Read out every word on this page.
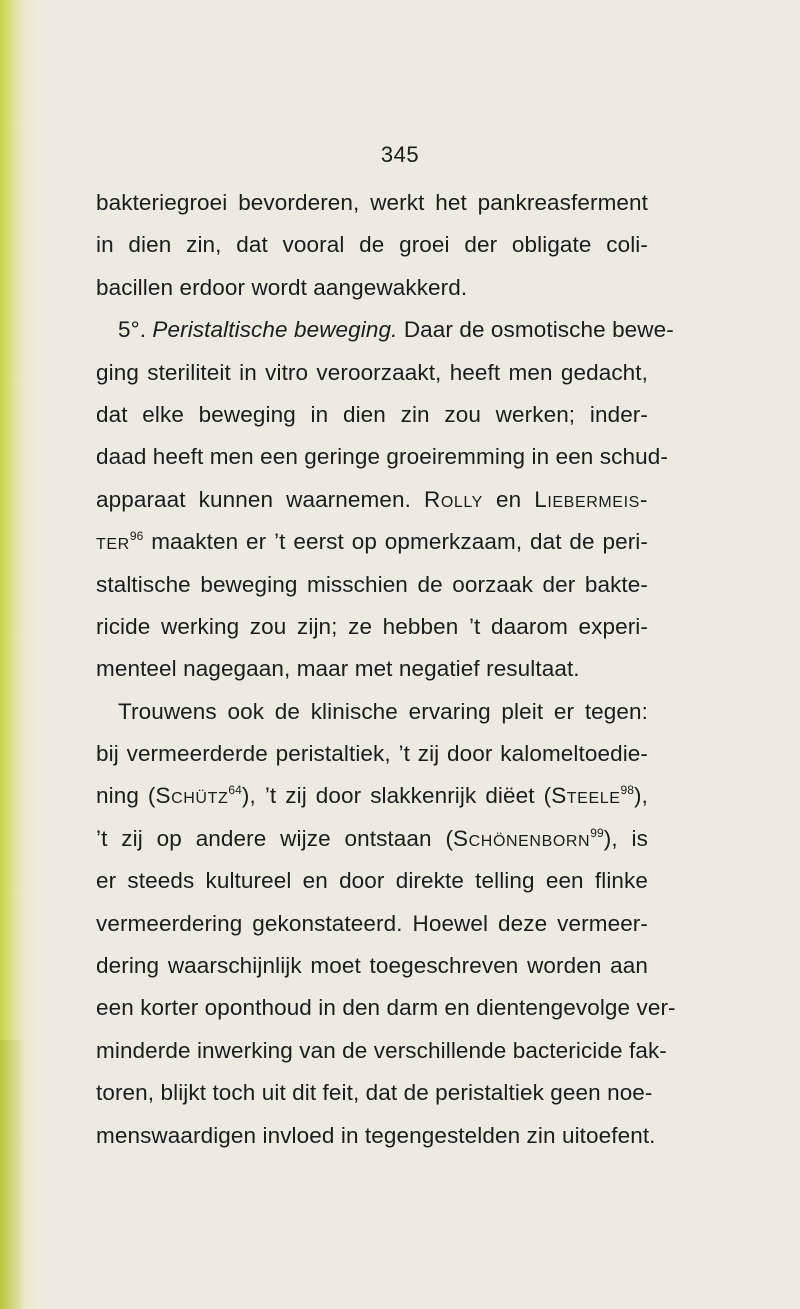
345
bakteriegroei bevorderen, werkt het pankreasferment
in dien zin, dat vooral de groei der obligate coli-
bacillen erdoor wordt aangewakkerd.
5°. Peristaltische beweging. Daar de osmotische bewe-
ging steriliteit in vitro veroorzaakt, heeft men gedacht,
dat elke beweging in dien zin zou werken; inder-
daad heeft men een geringe groeiremming in een schud-
apparaat kunnen waarnemen. Rolly en Liebermeis-
ter$^{96}$ maakten er ’t eerst op opmerkzaam, dat de peri-
staltische beweging misschien de oorzaak der bakte-
ricide werking zou zijn; ze hebben ’t daarom experi-
menteel nagegaan, maar met negatief resultaat.
Trouwens ook de klinische ervaring pleit er tegen:
bij vermeerderde peristaltiek, ’t zij door kalomeltoedie-
ning (Schütz$^{64}$), ’t zij door slakkenrijk diëet (Steele$^{98}$),
’t zij op andere wijze ontstaan (Schönenborn$^{99}$), is
er steeds kultureel en door direkte telling een flinke
vermeerdering gekonstateerd. Hoewel deze vermeer-
dering waarschijnlijk moet toegeschreven worden aan
een korter oponthoud in den darm en dientengevolge ver-
minderde inwerking van de verschillende bactericide fak-
toren, blijkt toch uit dit feit, dat de peristaltiek geen noe-
menswaardigen invloed in tegengestelden zin uitoefent.
